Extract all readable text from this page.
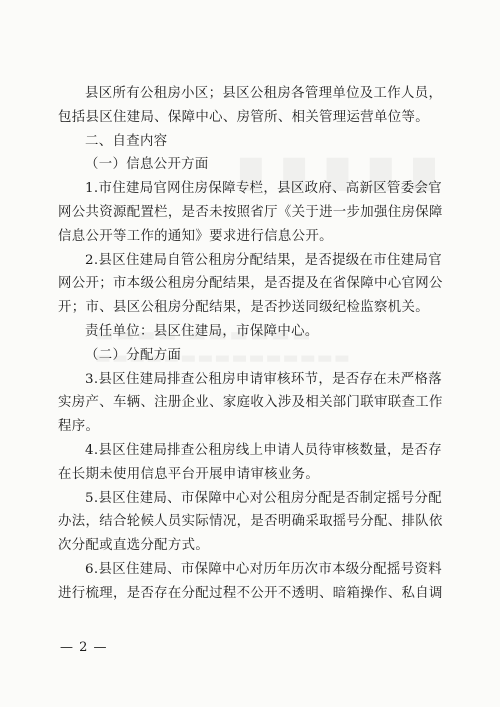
县区所有公租房小区；县区公租房各管理单位及工作人员，
包括县区住建局、保障中心、房管所、相关管理运营单位等。
二、自查内容
（一）信息公开方面
1.市住建局官网住房保障专栏，县区政府、高新区管委会官
网公共资源配置栏，是否未按照省厅《关于进一步加强住房保障
信息公开等工作的通知》要求进行信息公开。
2.县区住建局自管公租房分配结果，是否提级在市住建局官
网公开；市本级公租房分配结果，是否提及在省保障中心官网公
开；市、县区公租房分配结果，是否抄送同级纪检监察机关。
责任单位：县区住建局，市保障中心。
（二）分配方面
3.县区住建局排查公租房申请审核环节，是否存在未严格落
实房产、车辆、注册企业、家庭收入涉及相关部门联审联查工作
程序。
4.县区住建局排查公租房线上申请人员待审核数量，是否存
在长期未使用信息平台开展申请审核业务。
5.县区住建局、市保障中心对公租房分配是否制定摇号分配
办法，结合轮候人员实际情况，是否明确采取摇号分配、排队依
次分配或直选分配方式。
6.县区住建局、市保障中心对历年历次市本级分配摇号资料
进行梳理，是否存在分配过程不公开不透明、暗箱操作、私自调
— 2 —
